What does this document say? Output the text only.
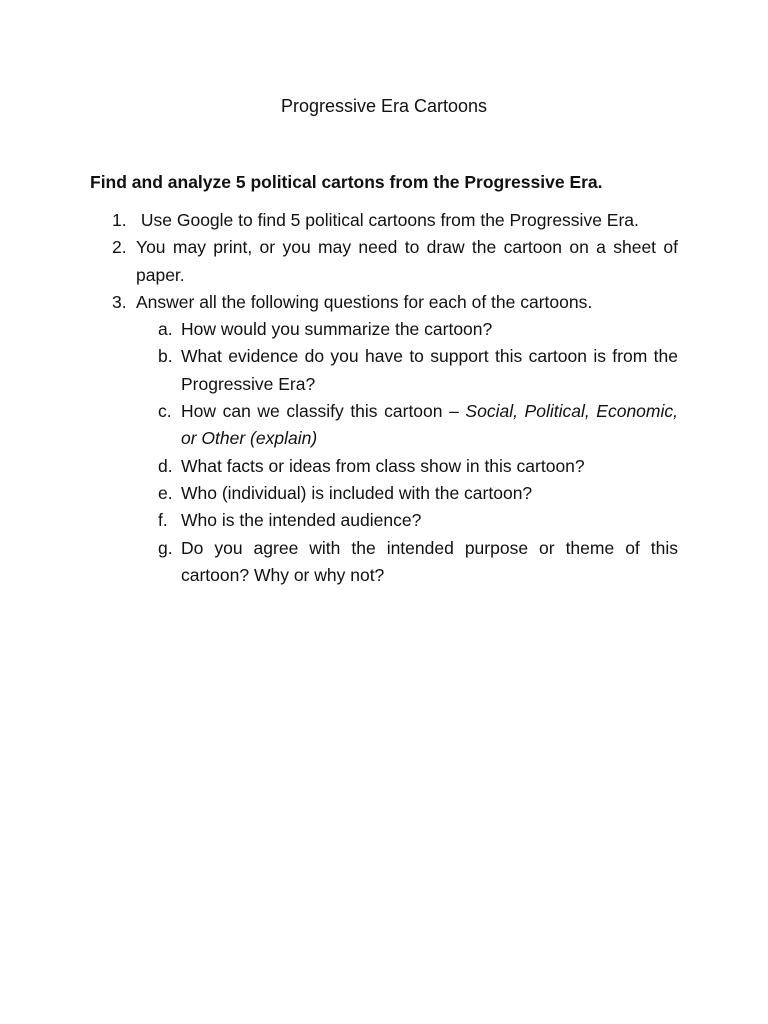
Progressive Era Cartoons
Find and analyze 5 political cartons from the Progressive Era.
1. Use Google to find 5 political cartoons from the Progressive Era.
2. You may print, or you may need to draw the cartoon on a sheet of paper.
3. Answer all the following questions for each of the cartoons.
a. How would you summarize the cartoon?
b. What evidence do you have to support this cartoon is from the Progressive Era?
c. How can we classify this cartoon – Social, Political, Economic, or Other (explain)
d. What facts or ideas from class show in this cartoon?
e. Who (individual) is included with the cartoon?
f. Who is the intended audience?
g. Do you agree with the intended purpose or theme of this cartoon? Why or why not?
